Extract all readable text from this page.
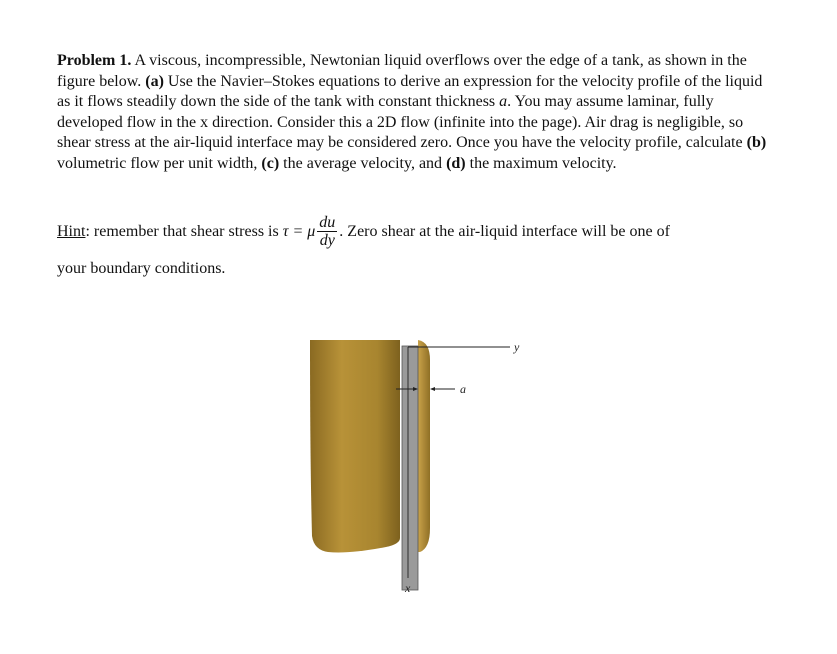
Problem 1. A viscous, incompressible, Newtonian liquid overflows over the edge of a tank, as shown in the figure below. (a) Use the Navier–Stokes equations to derive an expression for the velocity profile of the liquid as it flows steadily down the side of the tank with constant thickness a. You may assume laminar, fully developed flow in the x direction. Consider this a 2D flow (infinite into the page). Air drag is negligible, so shear stress at the air-liquid interface may be considered zero. Once you have the velocity profile, calculate (b) volumetric flow per unit width, (c) the average velocity, and (d) the maximum velocity.
Hint : remember that shear stress is τ = μ $\frac{du}{dy}$ . Zero shear at the air-liquid interface will be one of
your boundary conditions.
y
a
x
